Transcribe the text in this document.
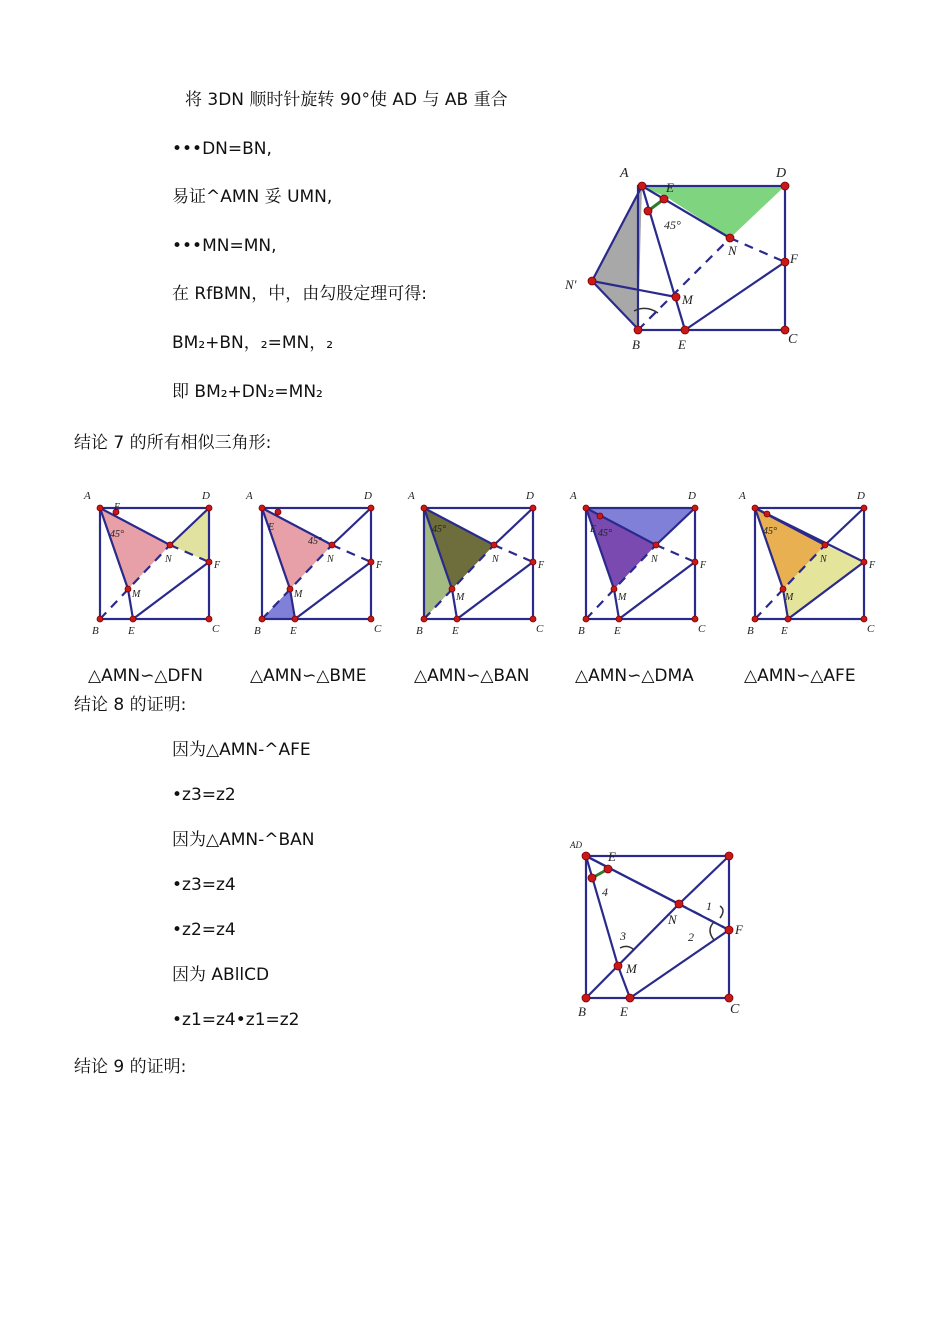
将 3DN 顺时针旋转 90°使 AD 与 AB 重合
•••DN=BN,
易证^AMN 妥 UMN,
•••MN=MN,
在 RfBMN，中，由勾股定理可得:
BM₂+BN，₂=MN，₂
即 BM₂+DN₂=MN₂
A	D
E
45°
N
F
M
N'
B	E	C
结论 7 的所有相似三角形:
A	D
E
45°
N
F
M
B	E	C
A	D
E
45°
N
F
M
B	E	C
A	D
45°
N
F
M
B	E	C
A	D
E 45°
N
F
M
B	E	C
A	D
45°
N
F
M
B E	C
△AMN∽△DFN	△AMN∽△BME	△AMN∽△BAN	△AMN∽△DMA	△AMN∽△AFE
结论 8 的证明:
因为△AMN-^AFE
•z3=z2
因为△AMN-^BAN
•z3=z4
•z2=z4
因为 ABllCD
•z1=z4•z1=z2
AD
E
4
N
1
2	F
3
M
B	E	C
结论 9 的证明:
